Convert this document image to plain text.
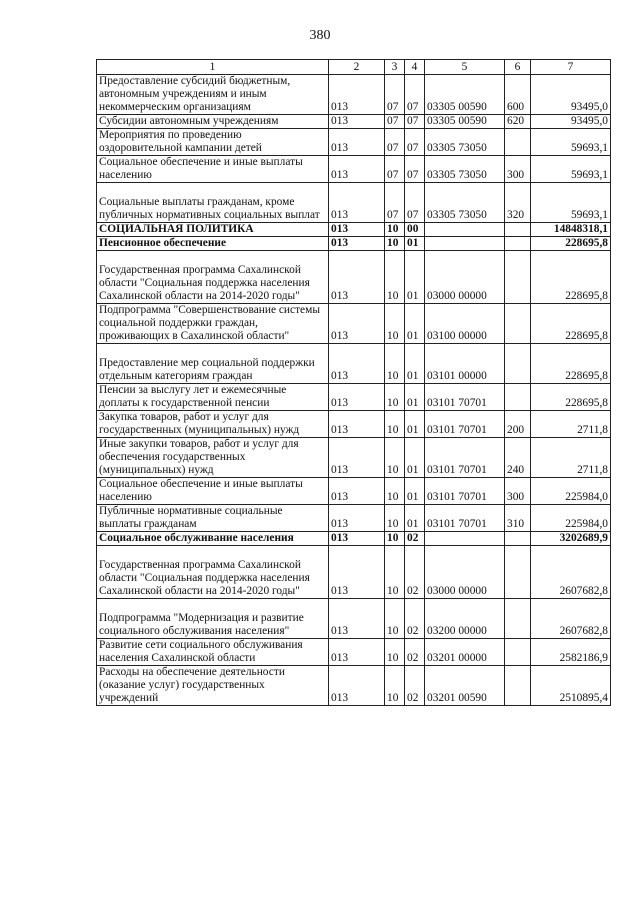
380
1	2	3	4	5	6	7
Предоставление субсидий бюджетным, автономным учреждениям и иным некоммерческим организациям	013	07	07	03305 00590	600	93495,0
Субсидии автономным учреждениям	013	07	07	03305 00590	620	93495,0
Мероприятия по проведению оздоровительной кампании детей	013	07	07	03305 73050		59693,1
Социальное обеспечение и иные выплаты населению	013	07	07	03305 73050	300	59693,1
Социальные выплаты гражданам, кроме публичных нормативных социальных выплат	013	07	07	03305 73050	320	59693,1
СОЦИАЛЬНАЯ ПОЛИТИКА	013	10	00			14848318,1
Пенсионное обеспечение	013	10	01			228695,8
Государственная программа Сахалинской области "Социальная поддержка населения Сахалинской области на 2014-2020 годы"	013	10	01	03000 00000		228695,8
Подпрограмма "Совершенствование системы социальной поддержки граждан, проживающих в Сахалинской области"	013	10	01	03100 00000		228695,8
Предоставление мер социальной поддержки отдельным категориям граждан	013	10	01	03101 00000		228695,8
Пенсии за выслугу лет и ежемесячные доплаты к государственной пенсии	013	10	01	03101 70701		228695,8
Закупка товаров, работ и услуг для государственных (муниципальных) нужд	013	10	01	03101 70701	200	2711,8
Иные закупки товаров, работ и услуг для обеспечения государственных (муниципальных) нужд	013	10	01	03101 70701	240	2711,8
Социальное обеспечение и иные выплаты населению	013	10	01	03101 70701	300	225984,0
Публичные нормативные социальные выплаты гражданам	013	10	01	03101 70701	310	225984,0
Социальное обслуживание населения	013	10	02			3202689,9
Государственная программа Сахалинской области "Социальная поддержка населения Сахалинской области на 2014-2020 годы"	013	10	02	03000 00000		2607682,8
Подпрограмма "Модернизация и развитие социального обслуживания населения"	013	10	02	03200 00000		2607682,8
Развитие сети социального обслуживания населения Сахалинской области	013	10	02	03201 00000		2582186,9
Расходы на обеспечение деятельности (оказание услуг) государственных учреждений	013	10	02	03201 00590		2510895,4
